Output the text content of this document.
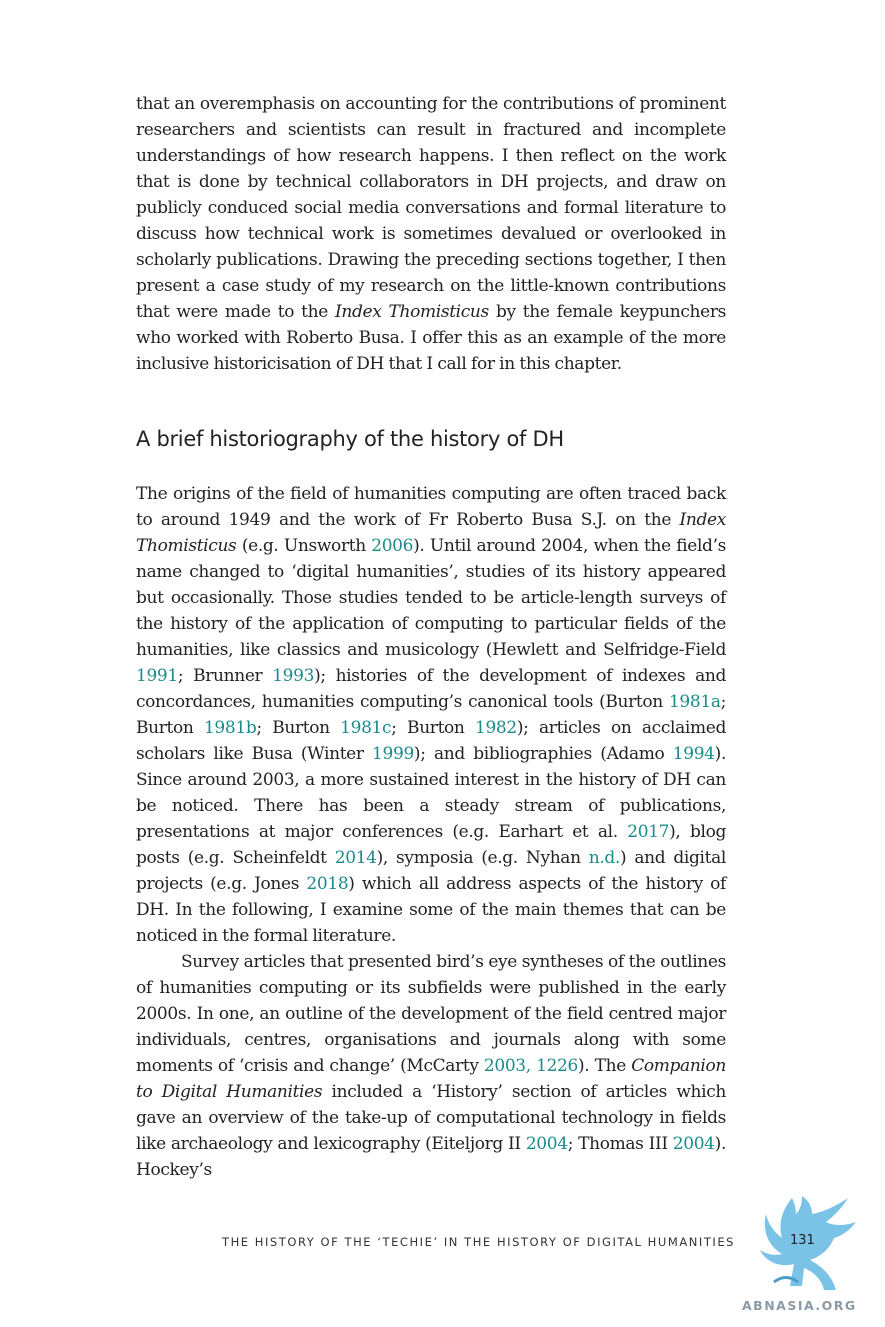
that an overemphasis on accounting for the contributions of prominent researchers and scientists can result in fractured and incomplete understandings of how research happens. I then reflect on the work that is done by technical collaborators in DH projects, and draw on publicly conduced social media conversations and formal literature to discuss how technical work is sometimes devalued or overlooked in scholarly publications. Drawing the preceding sections together, I then present a case study of my research on the little-known contributions that were made to the Index Thomisticus by the female keypunchers who worked with Roberto Busa. I offer this as an example of the more inclusive historicisation of DH that I call for in this chapter.

A brief historiography of the history of DH

The origins of the field of humanities computing are often traced back to around 1949 and the work of Fr Roberto Busa S.J. on the Index Thomisticus (e.g. Unsworth 2006). Until around 2004, when the field’s name changed to ‘digital humanities’, studies of its history appeared but occasionally. Those studies tended to be article-length surveys of the history of the application of computing to particular fields of the humanities, like classics and musicology (Hewlett and Selfridge-Field 1991; Brunner 1993); histories of the development of indexes and concordances, humanities computing’s canonical tools (Burton 1981a; Burton 1981b; Burton 1981c; Burton 1982); articles on acclaimed scholars like Busa (Winter 1999); and bibliographies (Adamo 1994). Since around 2003, a more sustained interest in the history of DH can be noticed. There has been a steady stream of publications, presentations at major conferences (e.g. Earhart et al. 2017), blog posts (e.g. Scheinfeldt 2014), symposia (e.g. Nyhan n.d.) and digital projects (e.g. Jones 2018) which all address aspects of the history of DH. In the following, I examine some of the main themes that can be noticed in the formal literature.

Survey articles that presented bird’s eye syntheses of the outlines of humanities computing or its subfields were published in the early 2000s. In one, an outline of the development of the field centred major individuals, centres, organisations and journals along with some moments of ‘crisis and change’ (McCarty 2003, 1226). The Companion to Digital Humanities included a ‘History’ section of articles which gave an overview of the take-up of computational technology in fields like archaeology and lexicography (Eiteljorg II 2004; Thomas III 2004). Hockey’s

THE HISTORY OF THE ‘TECHIE’ IN THE HISTORY OF DIGITAL HUMANITIES	131
ABNASIA.ORG
